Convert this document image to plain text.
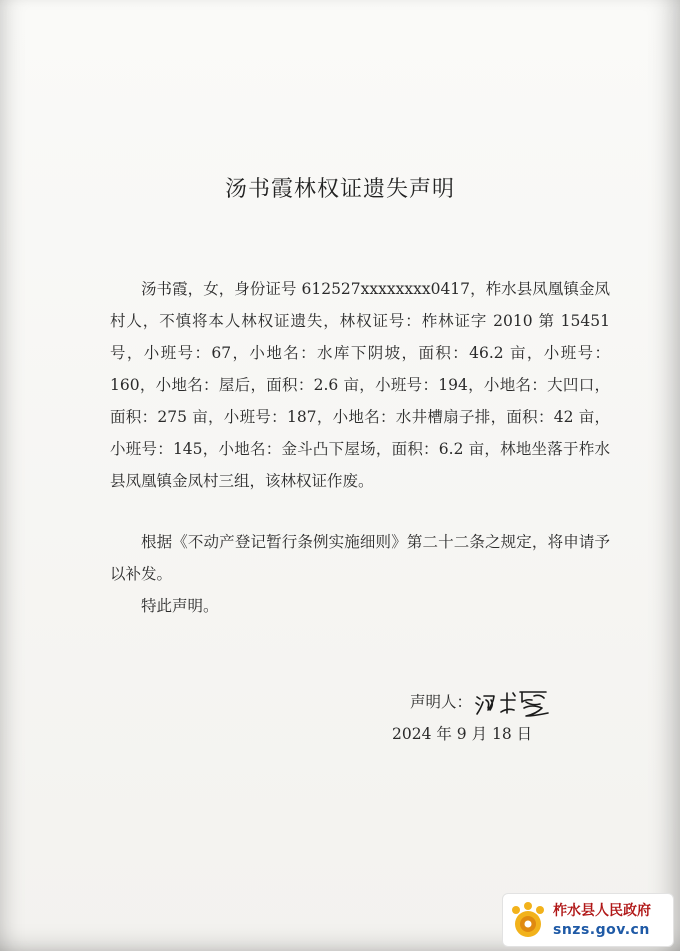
汤书霞林权证遗失声明

汤书霞，女，身份证号 612527xxxxxxxx0417，柞水县凤凰镇金凤村人，不慎将本人林权证遗失，林权证号：柞林证字 2010 第 15451 号，小班号：67，小地名：水库下阴坡，面积：46.2 亩，小班号：160，小地名：屋后，面积：2.6 亩，小班号：194，小地名：大凹口，面积：275 亩，小班号：187，小地名：水井槽扇子排，面积：42 亩，小班号：145，小地名：金斗凸下屋场，面积：6.2 亩，林地坐落于柞水县凤凰镇金凤村三组，该林权证作废。

根据《不动产登记暂行条例实施细则》第二十二条之规定，将申请予以补发。

特此声明。

声明人：
2024 年 9 月 18 日
柞水县人民政府
snzs.gov.cn
